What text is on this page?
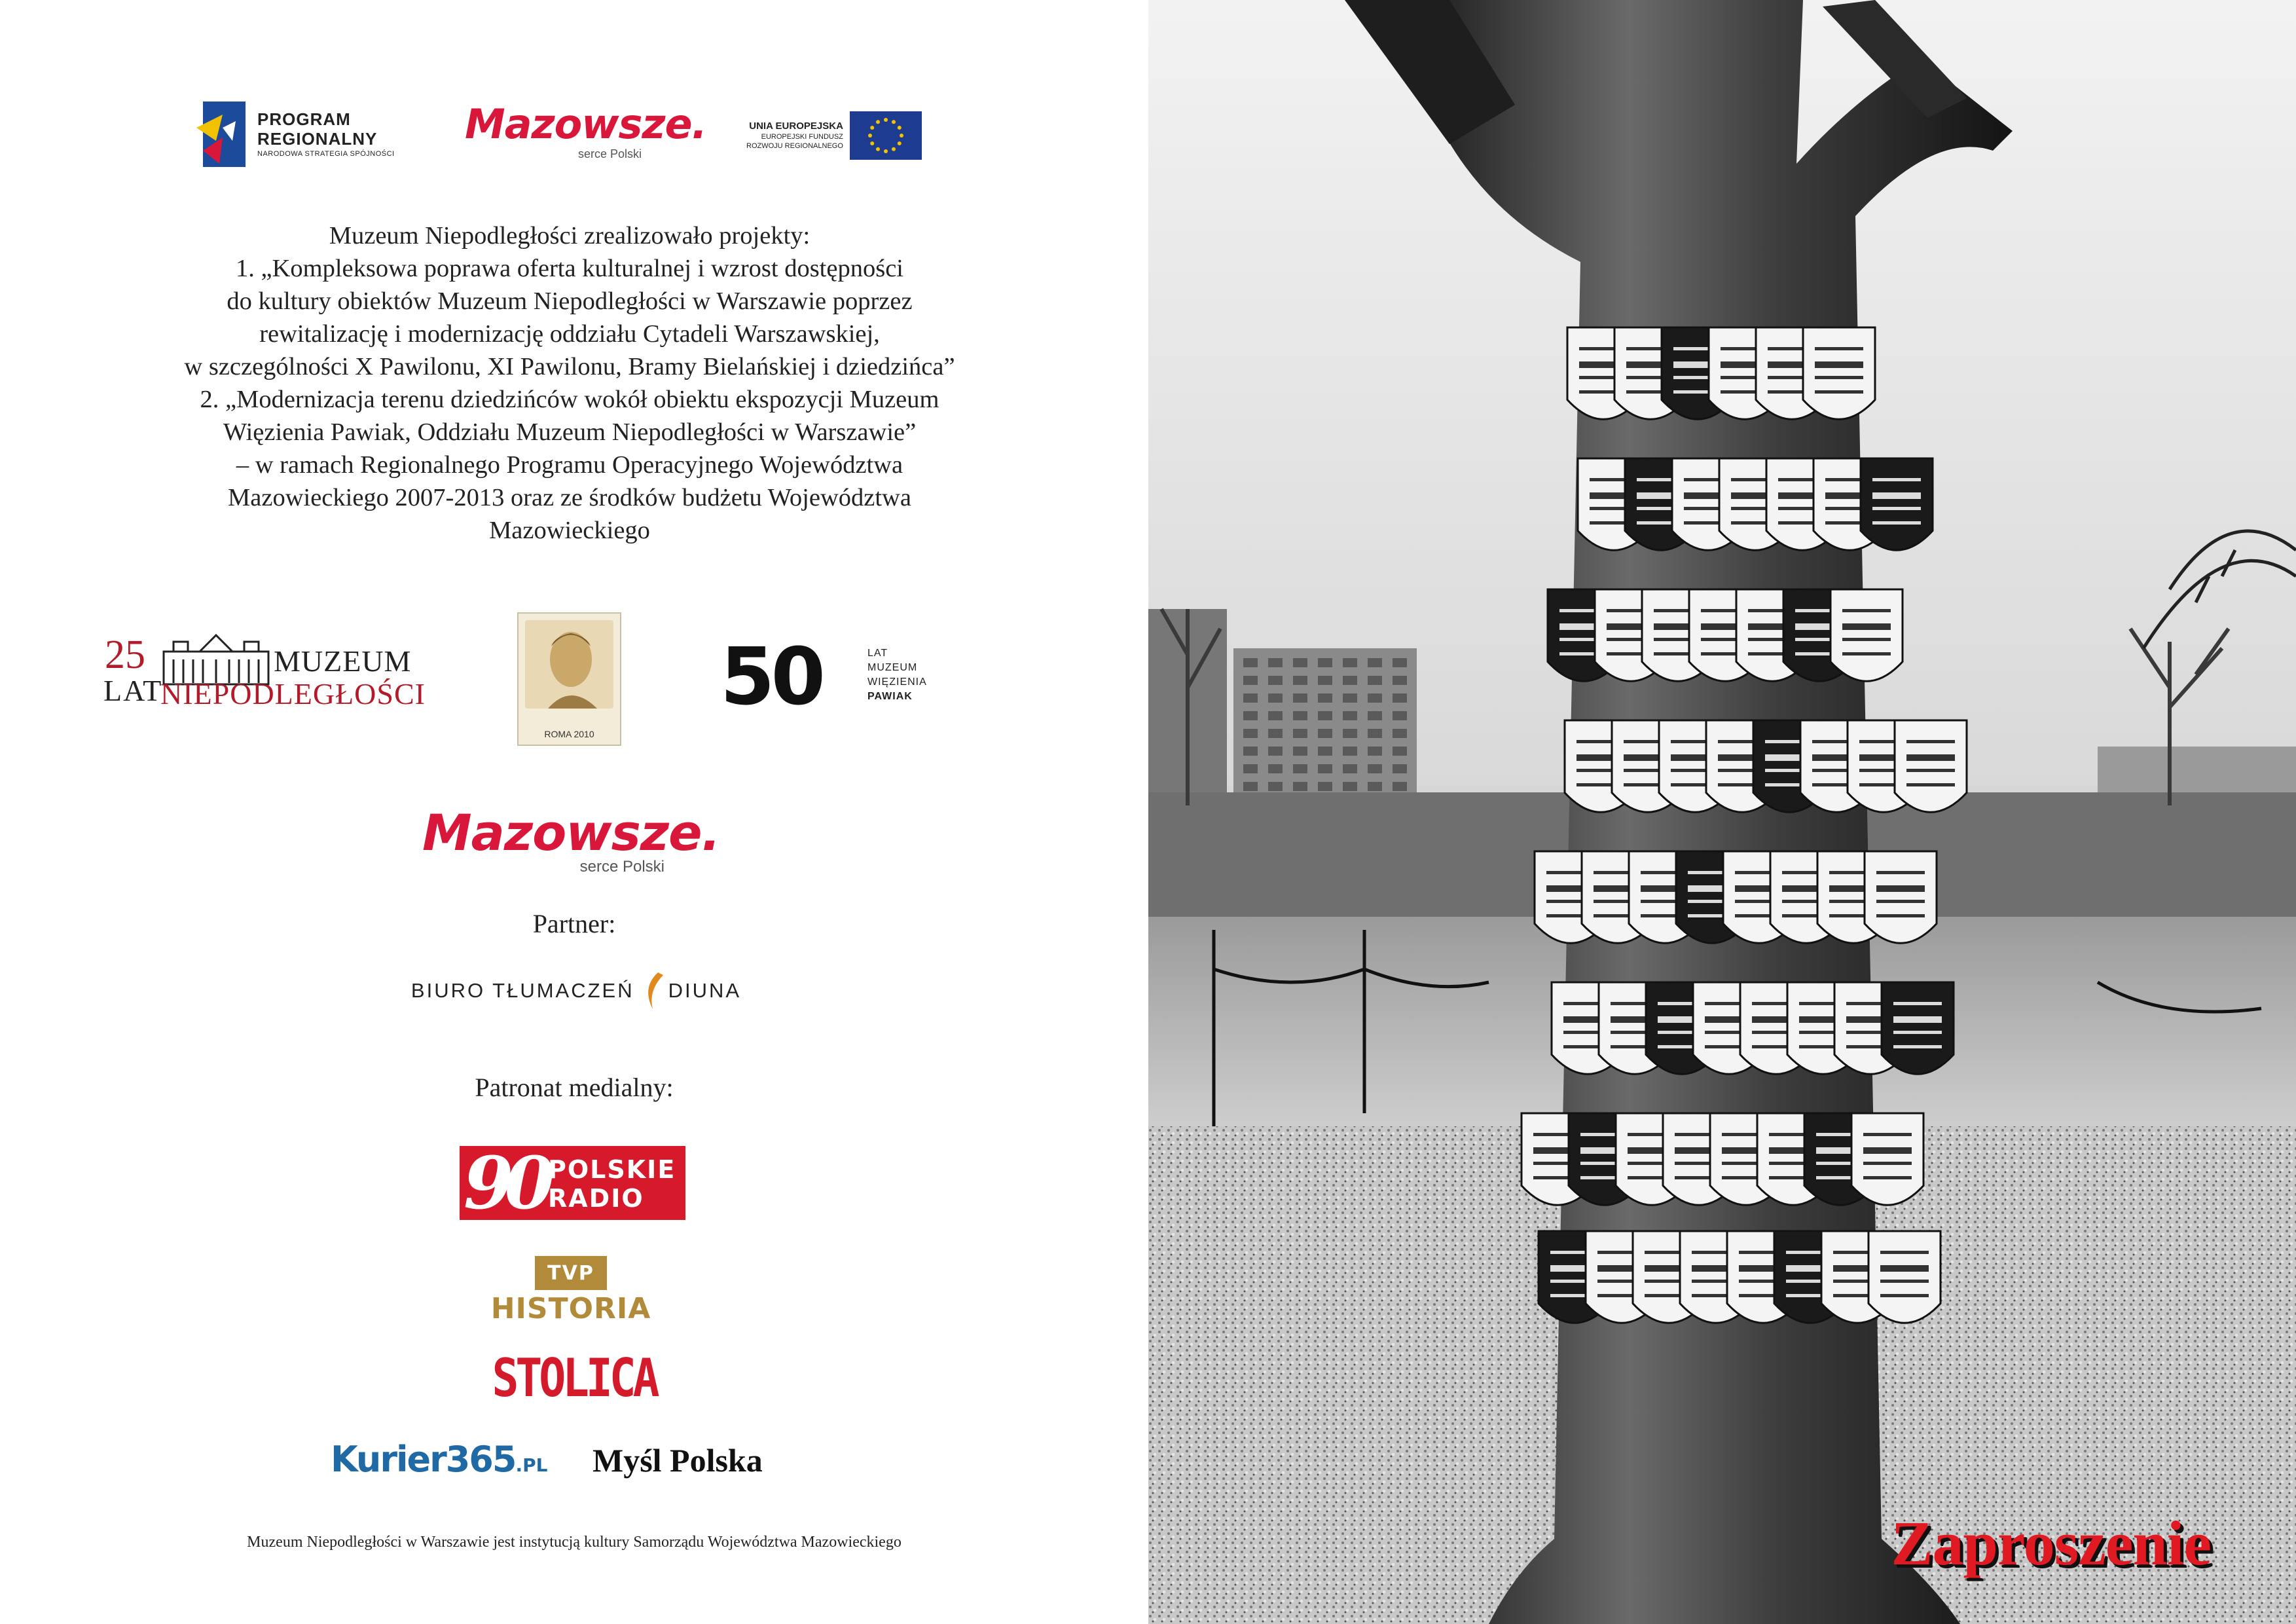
PROGRAM
REGIONALNY
NARODOWA STRATEGIA SPÓJNOŚCI
Mazowsze.
serce Polski
UNIA EUROPEJSKA
EUROPEJSKI FUNDUSZ
ROZWOJU REGIONALNEGO
Muzeum Niepodległości zrealizowało projekty:
1. „Kompleksowa poprawa oferta kulturalnej i wzrost dostępności
do kultury obiektów Muzeum Niepodległości w Warszawie poprzez
rewitalizację i modernizację oddziału Cytadeli Warszawskiej,
w szczególności X Pawilonu, XI Pawilonu, Bramy Bielańskiej i dziedzińca”
2. „Modernizacja terenu dziedzińców wokół obiektu ekspozycji Muzeum
Więzienia Pawiak, Oddziału Muzeum Niepodległości w Warszawie”
– w ramach Regionalnego Programu Operacyjnego Województwa
Mazowieckiego 2007-2013 oraz ze środków budżetu Województwa
Mazowieckiego
25
LAT
MUZEUM
NIEPODLEGŁOŚCI
ROMA 2010
50	LAT
MUZEUM
WIĘZIENIA
PAWIAK
Mazowsze.
serce Polski
Partner:
BIURO TŁUMACZEŃ DIUNA
Patronat medialny:
90 POLSKIE
RADIO
TVP
HISTORIA
STOLICA
Kurier365.PL Myśl Polska
Muzeum Niepodległości w Warszawie jest instytucją kultury Samorządu Województwa Mazowieckiego	Zaproszenie
